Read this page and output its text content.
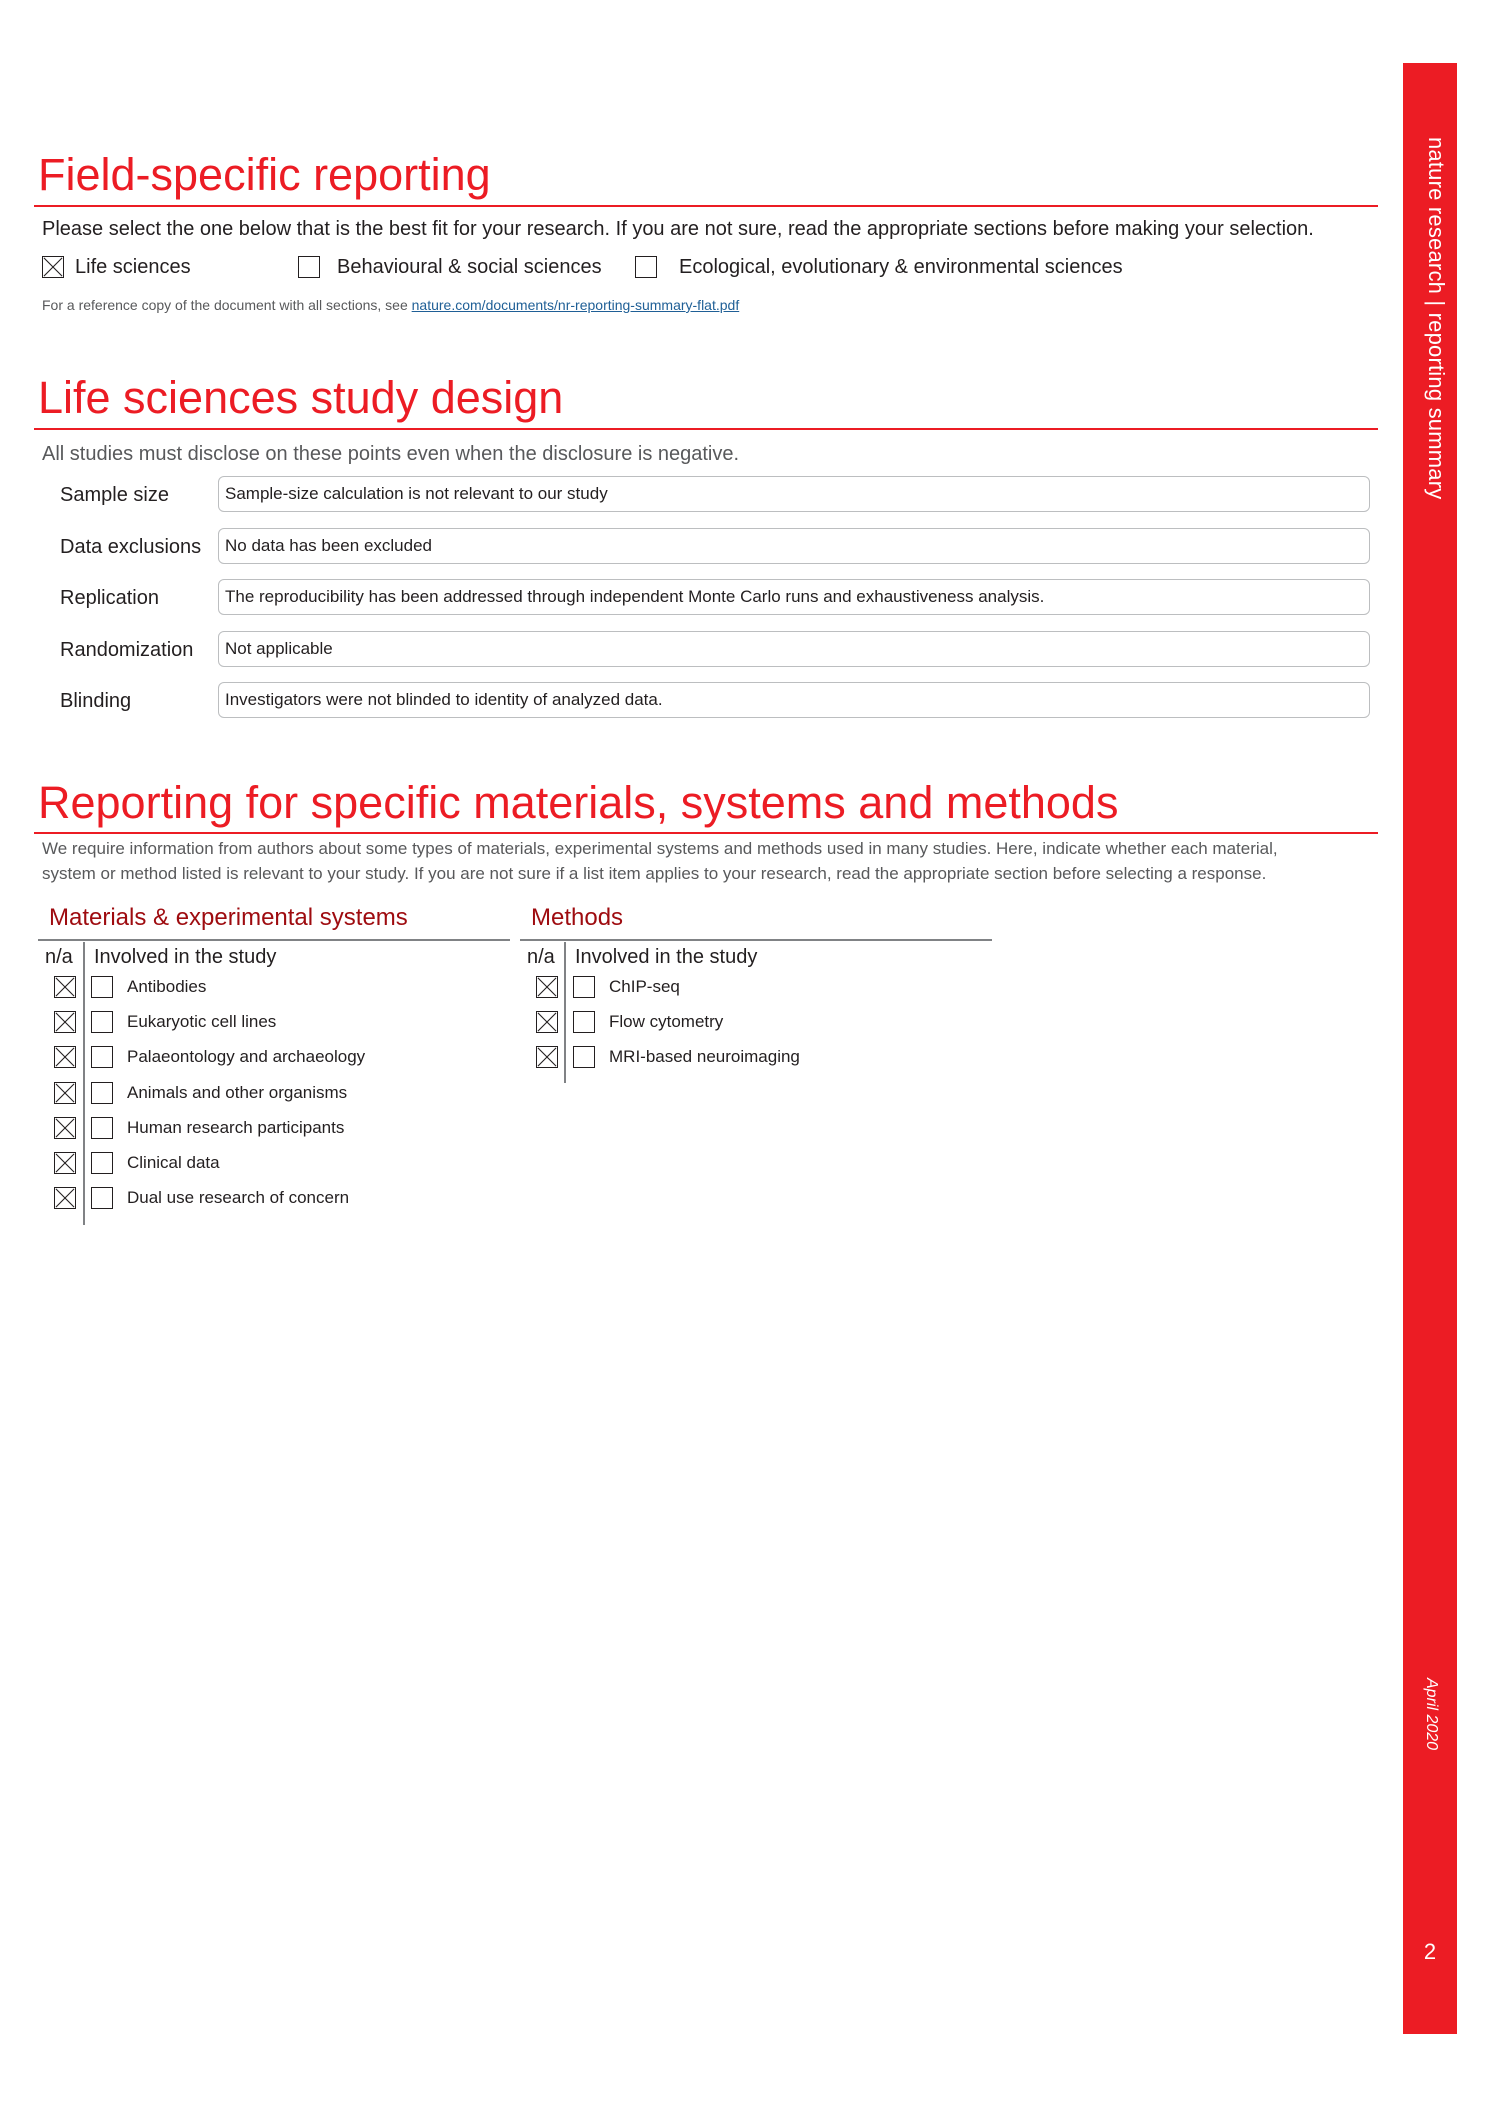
nature research | reporting summary
April 2020
2
Field-specific reporting
Please select the one below that is the best fit for your research. If you are not sure, read the appropriate sections before making your selection.
Life sciences	Behavioural & social sciences	Ecological, evolutionary & environmental sciences
For a reference copy of the document with all sections, see nature.com/documents/nr-reporting-summary-flat.pdf
Life sciences study design
All studies must disclose on these points even when the disclosure is negative.
Sample size	Sample-size calculation is not relevant to our study
Data exclusions No data has been excluded
Replication	The reproducibility has been addressed through independent Monte Carlo runs and exhaustiveness analysis.
Randomization Not applicable
Blinding	Investigators were not blinded to identity of analyzed data.
Reporting for specific materials, systems and methods
We require information from authors about some types of materials, experimental systems and methods used in many studies. Here, indicate whether each material,
system or method listed is relevant to your study. If you are not sure if a list item applies to your research, read the appropriate section before selecting a response.
Materials & experimental systems
n/a Involved in the study
Antibodies
Eukaryotic cell lines
Palaeontology and archaeology
Animals and other organisms
Human research participants
Clinical data
Dual use research of concern
Methods
n/a Involved in the study
ChIP-seq
Flow cytometry
MRI-based neuroimaging
